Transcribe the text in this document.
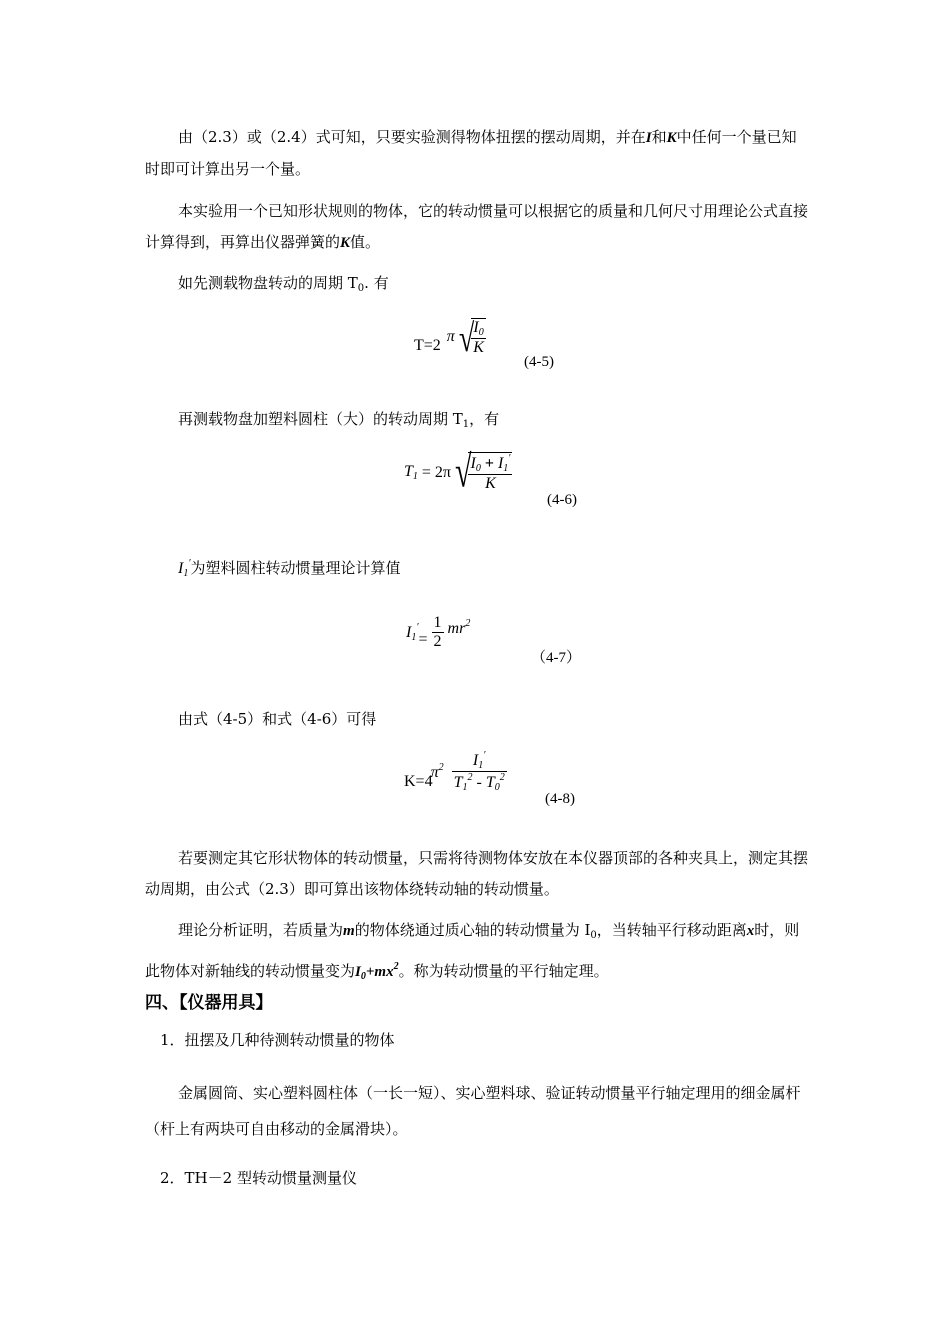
由（2.3）或（2.4）式可知，只要实验测得物体扭摆的摆动周期，并在I和K中任何一个量已知时即可计算出另一个量。
本实验用一个已知形状规则的物体，它的转动惯量可以根据它的质量和几何尺寸用理论公式直接计算得到，再算出仪器弹簧的K值。
如先测载物盘转动的周期 $T_0$. 有
T=2 π √
$\frac{I_0}{K}$
(4-5)
再测载物盘加塑料圆柱（大）的转动周期 $T_1$，有
$T_1 = 2\pi$ √
$\frac{I_0 + I_1'}{K}$
(4-6)
$I_1'$为塑料圆柱转动惯量理论计算值
$I_1'= \frac{1}{2} mr^2$
（4-7）
由式（4-5）和式（4-6）可得
K=4 $\pi^2 \frac{I_1'}{T_1^2 - T_0^2}$
(4-8)
若要测定其它形状物体的转动惯量，只需将待测物体安放在本仪器顶部的各种夹具上，测定其摆动周期，由公式（2.3）即可算出该物体绕转动轴的转动惯量。
理论分析证明，若质量为m的物体绕通过质心轴的转动惯量为 $I_0$，当转轴平行移动距离x时，则此物体对新轴线的转动惯量变为$I_0+mx^2$。称为转动惯量的平行轴定理。
四、【仪器用具】
1．扭摆及几种待测转动惯量的物体
金属圆筒、实心塑料圆柱体（一长一短）、实心塑料球、验证转动惯量平行轴定理用的细金属杆（杆上有两块可自由移动的金属滑块）。
2．TH－2 型转动惯量测量仪
